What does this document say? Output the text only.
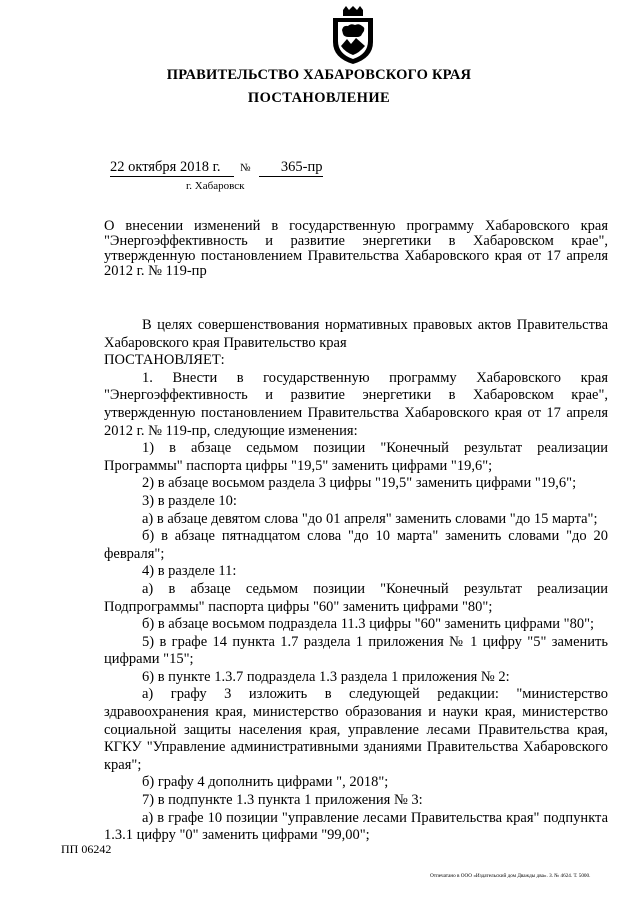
ПРАВИТЕЛЬСТВО ХАБАРОВСКОГО КРАЯ
ПОСТАНОВЛЕНИЕ
22 октября 2018 г. № 365-пр
г. Хабаровск
О внесении изменений в государственную программу Хабаровского края "Энергоэффективность и развитие энергетики в Хабаровском крае", утвержденную постановлением Правительства Хабаровского края от 17 апреля 2012 г. № 119-пр

В целях совершенствования нормативных правовых актов Правительства Хабаровского края Правительство края

ПОСТАНОВЛЯЕТ:

1. Внести в государственную программу Хабаровского края "Энергоэффективность и развитие энергетики в Хабаровском крае", утвержденную постановлением Правительства Хабаровского края от 17 апреля 2012 г. № 119-пр, следующие изменения:

1) в абзаце седьмом позиции "Конечный результат реализации Программы" паспорта цифры "19,5" заменить цифрами "19,6";

2) в абзаце восьмом раздела 3 цифры "19,5" заменить цифрами "19,6";

3) в разделе 10:

а) в абзаце девятом слова "до 01 апреля" заменить словами "до 15 марта";

б) в абзаце пятнадцатом слова "до 10 марта" заменить словами "до 20 февраля";

4) в разделе 11:

а) в абзаце седьмом позиции "Конечный результат реализации Подпрограммы" паспорта цифры "60" заменить цифрами "80";

б) в абзаце восьмом подраздела 11.3 цифры "60" заменить цифрами "80";

5) в графе 14 пункта 1.7 раздела 1 приложения № 1 цифру "5" заменить цифрами "15";

6) в пункте 1.3.7 подраздела 1.3 раздела 1 приложения № 2:

а) графу 3 изложить в следующей редакции: "министерство здравоохранения края, министерство образования и науки края, министерство социальной защиты населения края, управление лесами Правительства края, КГКУ "Управление административными зданиями Правительства Хабаровского края";

б) графу 4 дополнить цифрами ", 2018";

7) в подпункте 1.3 пункта 1 приложения № 3:

а) в графе 10 позиции "управление лесами Правительства края" подпункта 1.3.1 цифру "0" заменить цифрами "99,00";

ПП 06242
Отпечатано в ООО «Издательский дом Дважды два». З. № 4624. Т. 5000.
